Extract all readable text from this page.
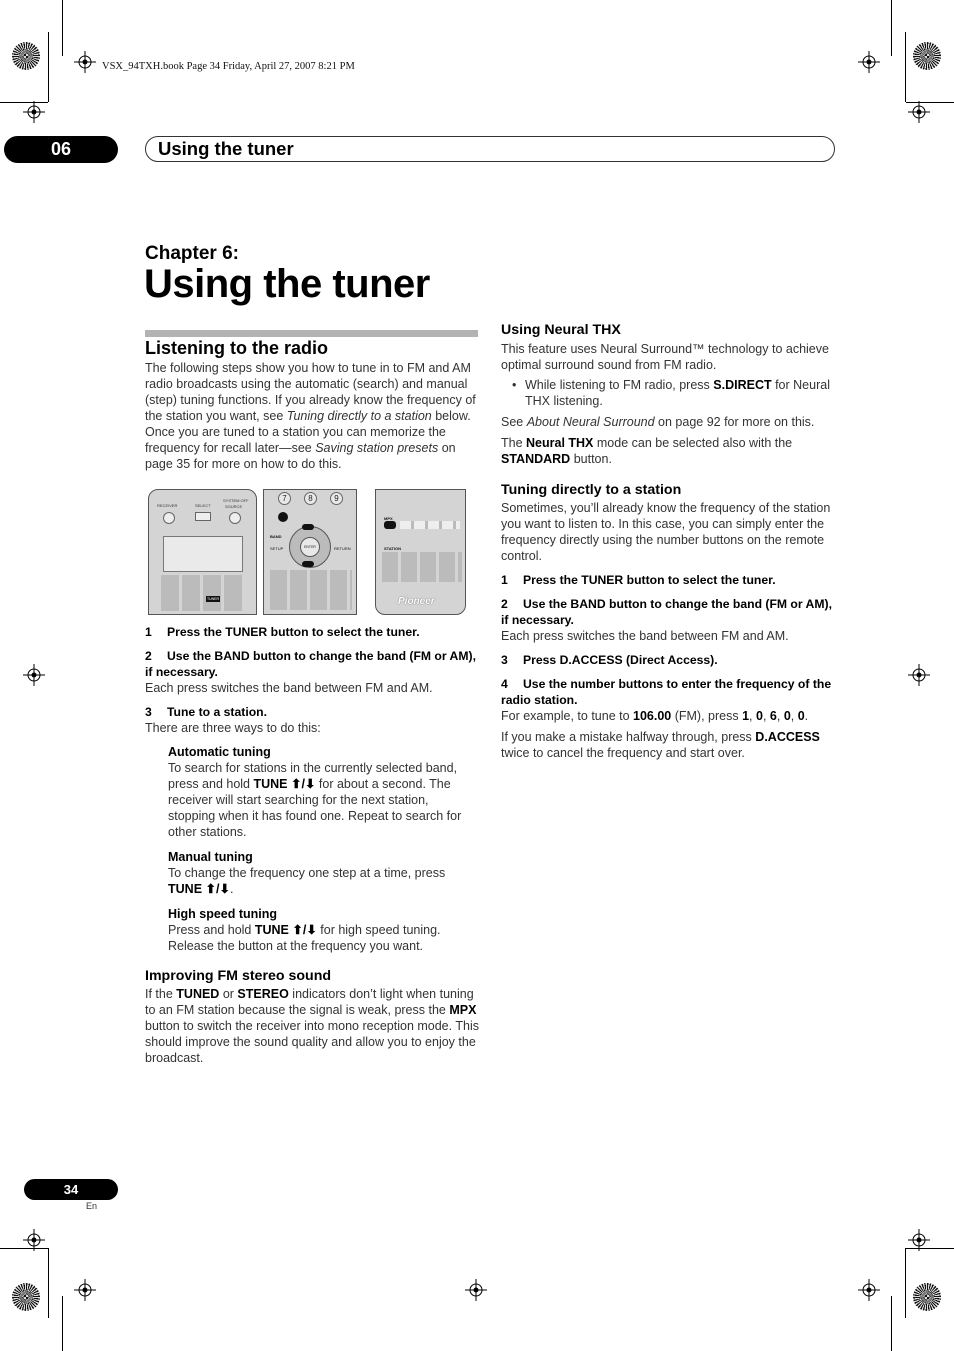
VSX_94TXH.book Page 34 Friday, April 27, 2007 8:21 PM
06	Using the tuner
Chapter 6:
Using the tuner
Listening to the radio

The following steps show you how to tune in to FM and AM radio broadcasts using the automatic (search) and manual (step) tuning functions. If you already know the frequency of the station you want, see Tuning directly to a station below. Once you are tuned to a station you can memorize the frequency for recall later—see Saving station presets on page 35 for more on how to do this.

RECEIVER	SELECT
SYSTEM OFF
SOURCE
TUNER
7	8	9
BAND
SETUP	RETURN
ENTER
MPX
STATION
Pioneer

1 Press the TUNER button to select the tuner.

2 Use the BAND button to change the band (FM or AM), if necessary.

Each press switches the band between FM and AM.

3 Tune to a station.

There are three ways to do this:

Automatic tuning

To search for stations in the currently selected band, press and hold TUNE ⬆/⬇ for about a second. The receiver will start searching for the next station, stopping when it has found one. Repeat to search for other stations.

Manual tuning

To change the frequency one step at a time, press TUNE ⬆/⬇.

High speed tuning

Press and hold TUNE ⬆/⬇ for high speed tuning. Release the button at the frequency you want.

Improving FM stereo sound

If the TUNED or STEREO indicators don’t light when tuning to an FM station because the signal is weak, press the MPX button to switch the receiver into mono reception mode. This should improve the sound quality and allow you to enjoy the broadcast.

Using Neural THX

This feature uses Neural Surround™ technology to achieve optimal surround sound from FM radio.

• While listening to FM radio, press S.DIRECT for Neural THX listening.

See About Neural Surround on page 92 for more on this.

The Neural THX mode can be selected also with the STANDARD button.

Tuning directly to a station

Sometimes, you’ll already know the frequency of the station you want to listen to. In this case, you can simply enter the frequency directly using the number buttons on the remote control.

1 Press the TUNER button to select the tuner.

2 Use the BAND button to change the band (FM or AM), if necessary.

Each press switches the band between FM and AM.

3 Press D.ACCESS (Direct Access).

4 Use the number buttons to enter the frequency of the radio station.

For example, to tune to 106.00 (FM), press 1, 0, 6, 0, 0.

If you make a mistake halfway through, press D.ACCESS twice to cancel the frequency and start over.

34
En
